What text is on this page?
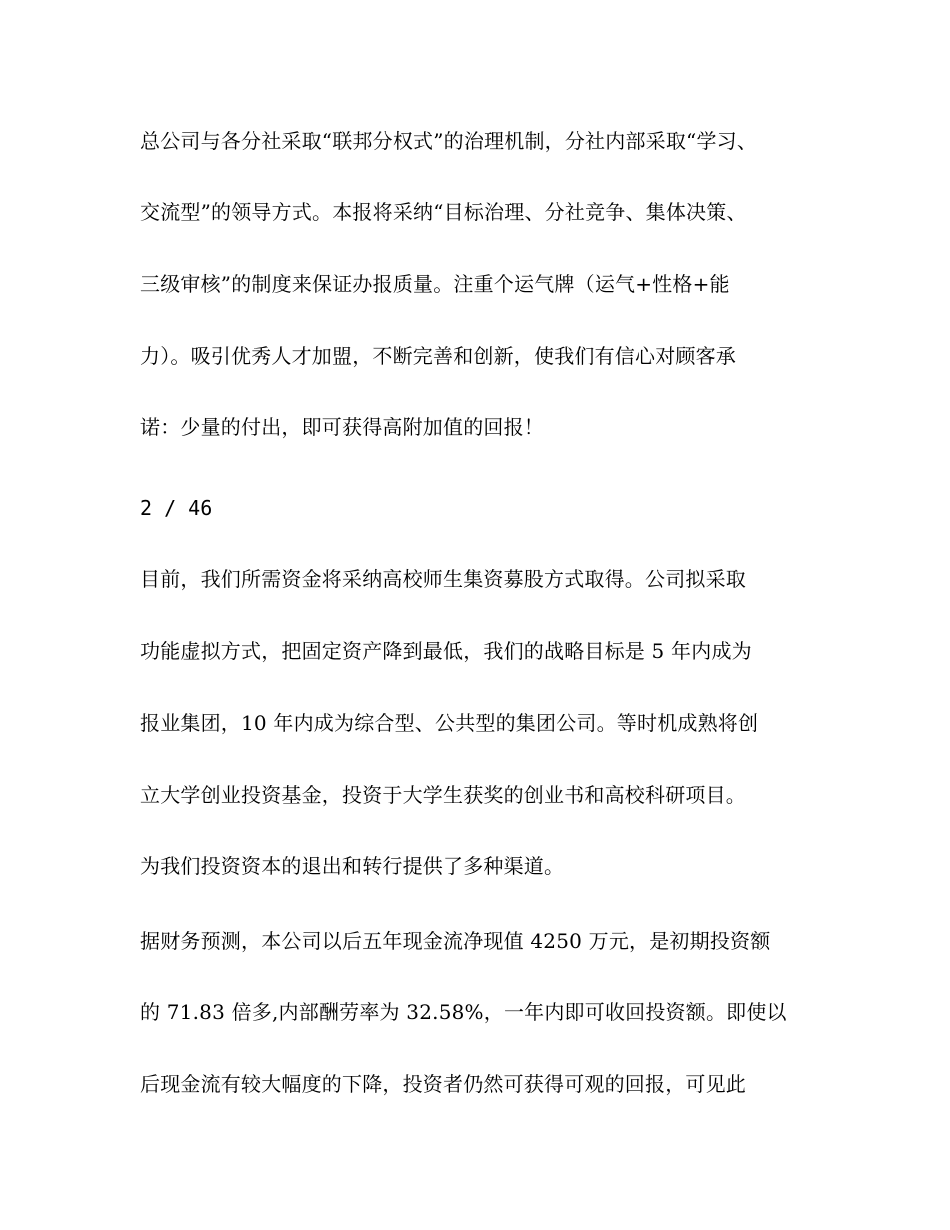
总公司与各分社采取“联邦分权式”的治理机制，分社内部采取“学习、
交流型”的领导方式。本报将采纳“目标治理、分社竞争、集体决策、
三级审核”的制度来保证办报质量。注重个运气牌（运气+性格+能
力）。吸引优秀人才加盟，不断完善和创新，使我们有信心对顾客承
诺：少量的付出，即可获得高附加值的回报！
2 / 46
目前，我们所需资金将采纳高校师生集资募股方式取得。公司拟采取
功能虚拟方式，把固定资产降到最低，我们的战略目标是 5 年内成为
报业集团，10 年内成为综合型、公共型的集团公司。等时机成熟将创
立大学创业投资基金，投资于大学生获奖的创业书和高校科研项目。
为我们投资资本的退出和转行提供了多种渠道。
据财务预测，本公司以后五年现金流净现值 4250 万元，是初期投资额
的 71.83 倍多,内部酬劳率为 32.58%，一年内即可收回投资额。即使以
后现金流有较大幅度的下降，投资者仍然可获得可观的回报，可见此
